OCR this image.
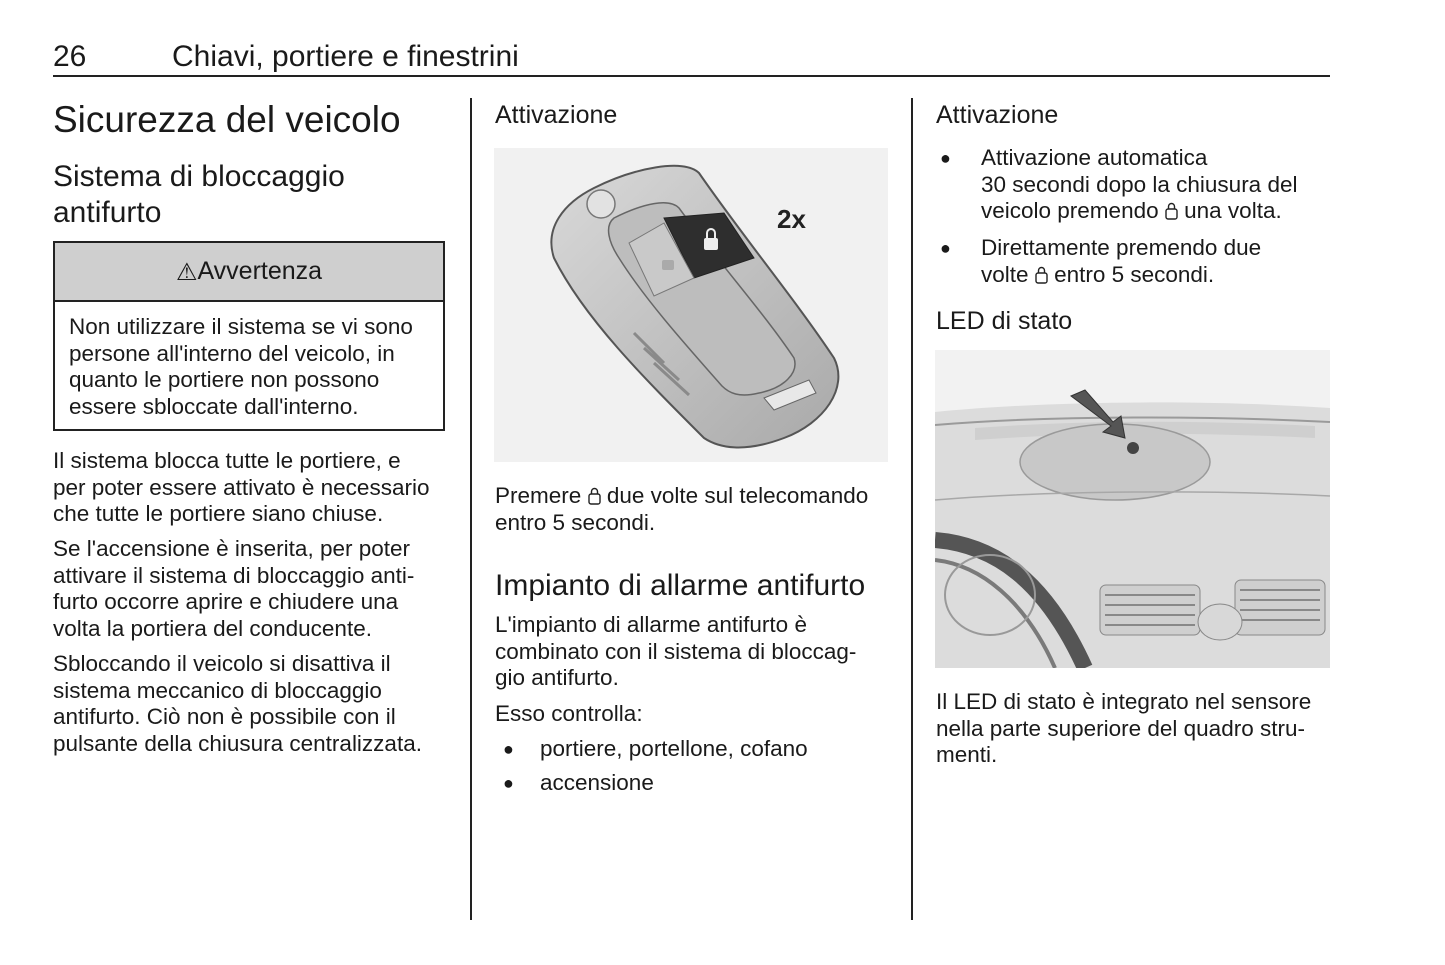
26	Chiavi, portiere e finestrini
Sicurezza del veicolo
Sistema di bloccaggio
antifurto
⚠ Avvertenza
Non utilizzare il sistema se vi sono
persone all'interno del veicolo, in
quanto le portiere non possono
essere sbloccate dall'interno.
Il sistema blocca tutte le portiere, e
per poter essere attivato è necessario
che tutte le portiere siano chiuse.
Se l'accensione è inserita, per poter
attivare il sistema di bloccaggio anti‐
furto occorre aprire e chiudere una
volta la portiera del conducente.
Sbloccando il veicolo si disattiva il
sistema meccanico di bloccaggio
antifurto. Ciò non è possibile con il
pulsante della chiusura centralizzata.
Attivazione
2x
Premere due volte sul telecomando
entro 5 secondi.
Impianto di allarme antifurto
L'impianto di allarme antifurto è
combinato con il sistema di bloccag‐
gio antifurto.
Esso controlla:
● portiere, portellone, cofano
● accensione
Attivazione
● Attivazione automatica
30 secondi dopo la chiusura del
veicolo premendo una volta.
● Direttamente premendo due
volte entro 5 secondi.
LED di stato
Il LED di stato è integrato nel sensore
nella parte superiore del quadro stru‐
menti.
